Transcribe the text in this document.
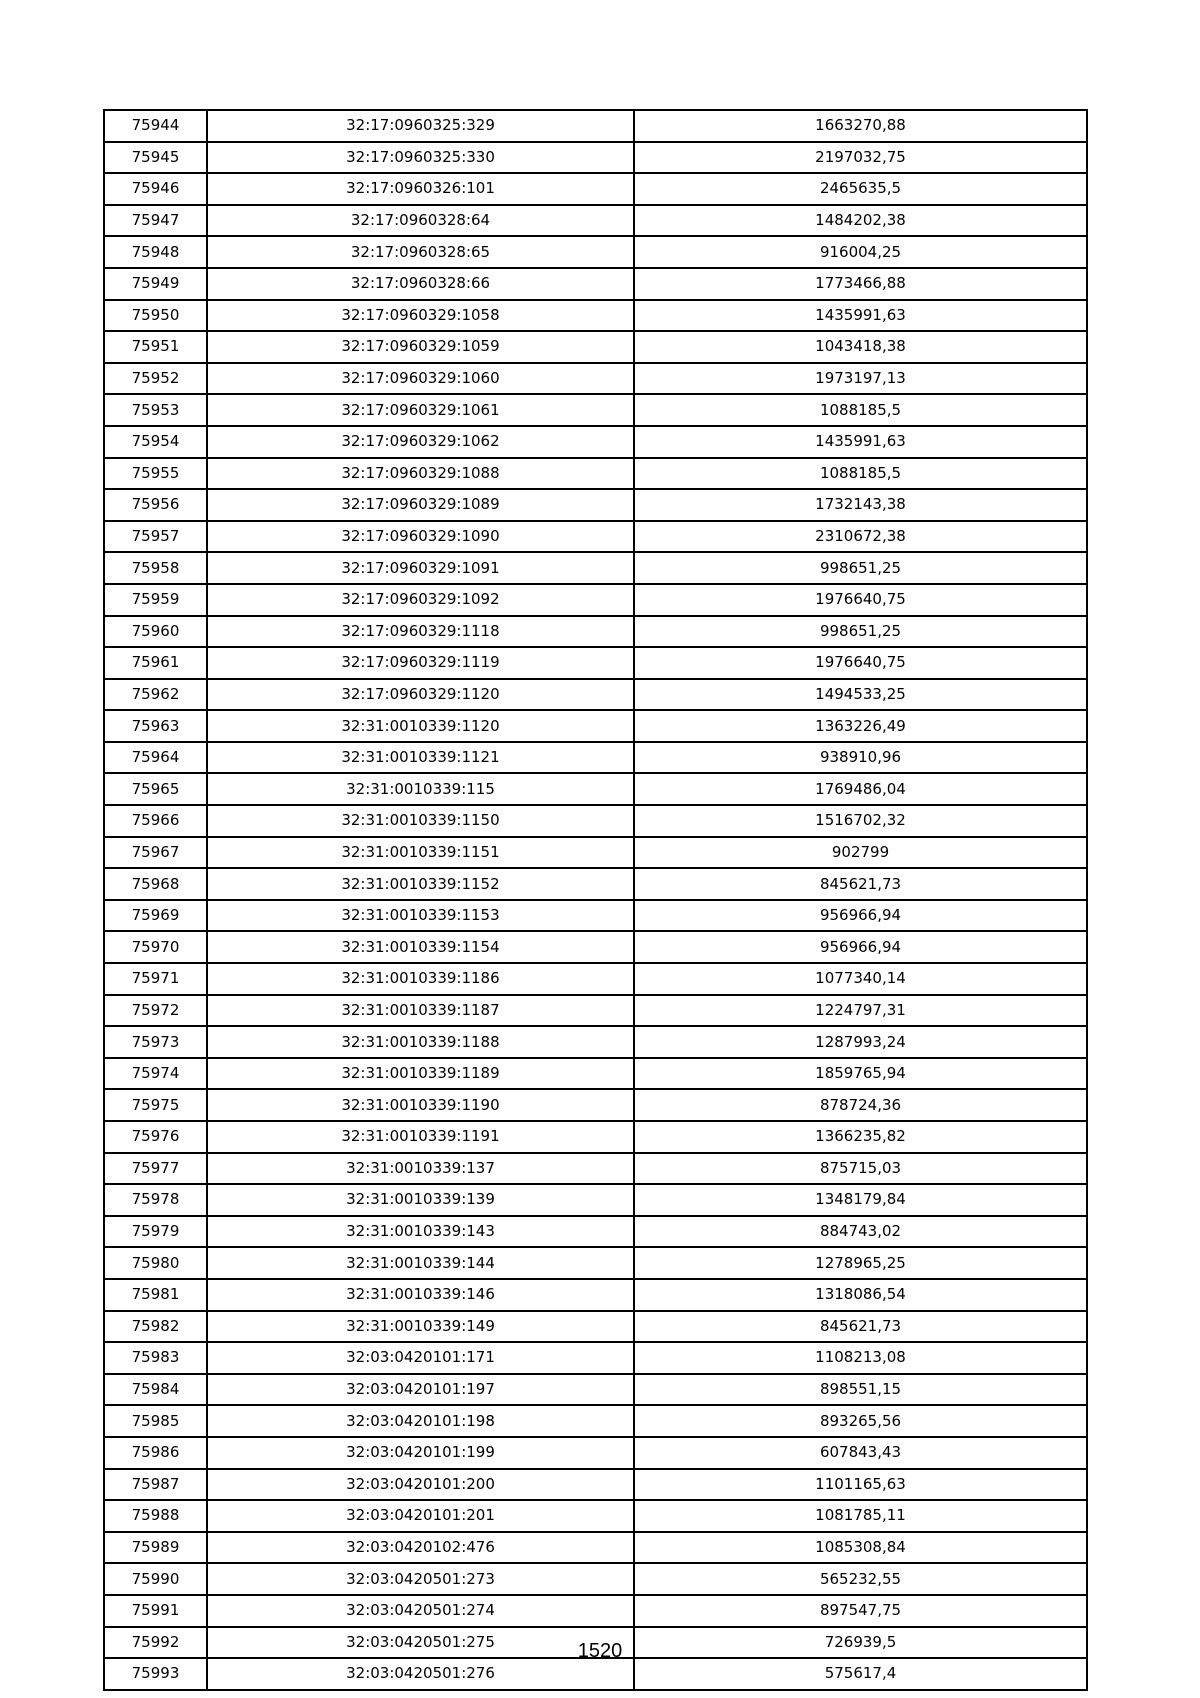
75944	32:17:0960325:329	1663270,88
75945	32:17:0960325:330	2197032,75
75946	32:17:0960326:101	2465635,5
75947	32:17:0960328:64	1484202,38
75948	32:17:0960328:65	916004,25
75949	32:17:0960328:66	1773466,88
75950	32:17:0960329:1058	1435991,63
75951	32:17:0960329:1059	1043418,38
75952	32:17:0960329:1060	1973197,13
75953	32:17:0960329:1061	1088185,5
75954	32:17:0960329:1062	1435991,63
75955	32:17:0960329:1088	1088185,5
75956	32:17:0960329:1089	1732143,38
75957	32:17:0960329:1090	2310672,38
75958	32:17:0960329:1091	998651,25
75959	32:17:0960329:1092	1976640,75
75960	32:17:0960329:1118	998651,25
75961	32:17:0960329:1119	1976640,75
75962	32:17:0960329:1120	1494533,25
75963	32:31:0010339:1120	1363226,49
75964	32:31:0010339:1121	938910,96
75965	32:31:0010339:115	1769486,04
75966	32:31:0010339:1150	1516702,32
75967	32:31:0010339:1151	902799
75968	32:31:0010339:1152	845621,73
75969	32:31:0010339:1153	956966,94
75970	32:31:0010339:1154	956966,94
75971	32:31:0010339:1186	1077340,14
75972	32:31:0010339:1187	1224797,31
75973	32:31:0010339:1188	1287993,24
75974	32:31:0010339:1189	1859765,94
75975	32:31:0010339:1190	878724,36
75976	32:31:0010339:1191	1366235,82
75977	32:31:0010339:137	875715,03
75978	32:31:0010339:139	1348179,84
75979	32:31:0010339:143	884743,02
75980	32:31:0010339:144	1278965,25
75981	32:31:0010339:146	1318086,54
75982	32:31:0010339:149	845621,73
75983	32:03:0420101:171	1108213,08
75984	32:03:0420101:197	898551,15
75985	32:03:0420101:198	893265,56
75986	32:03:0420101:199	607843,43
75987	32:03:0420101:200	1101165,63
75988	32:03:0420101:201	1081785,11
75989	32:03:0420102:476	1085308,84
75990	32:03:0420501:273	565232,55
75991	32:03:0420501:274	897547,75
75992	32:03:0420501:275	726939,5
75993	32:03:0420501:276	575617,4
1520
